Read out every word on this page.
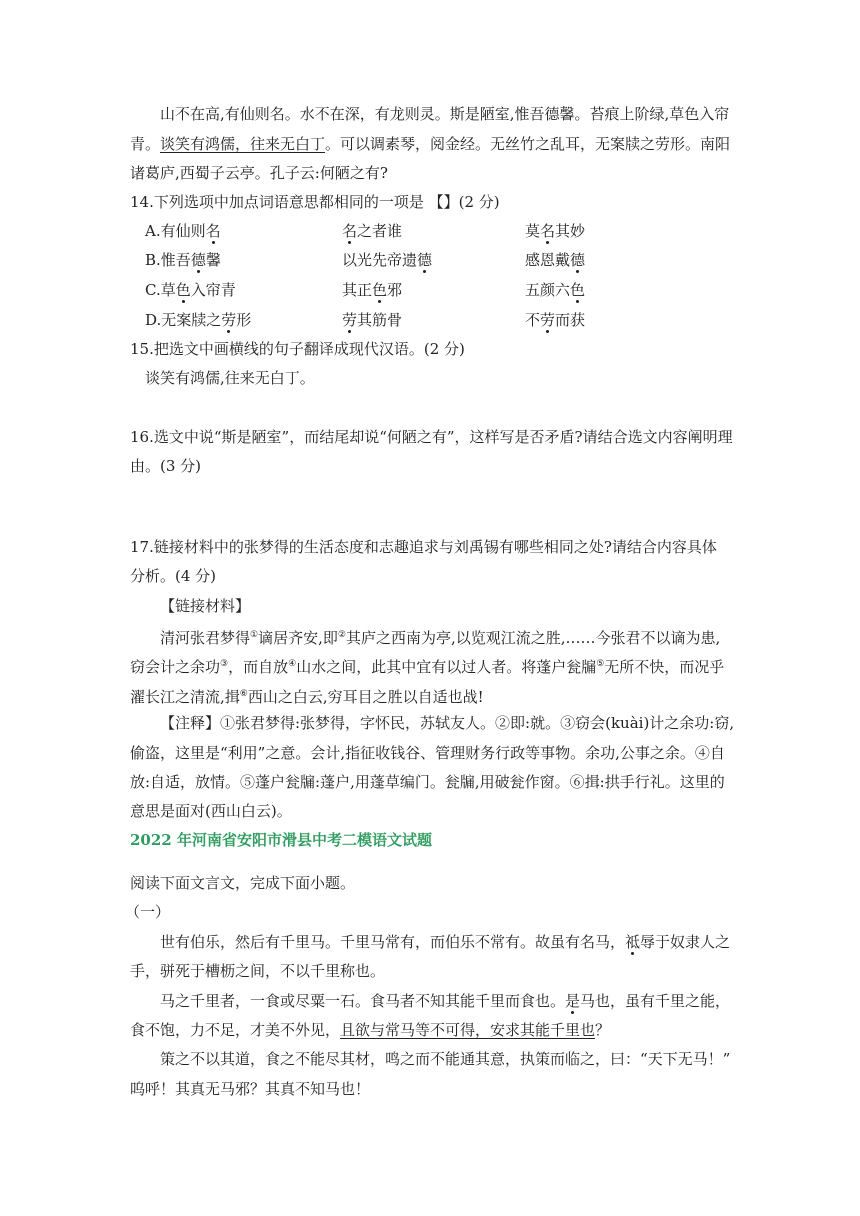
山不在高,有仙则名。水不在深，有龙则灵。斯是陋室,惟吾德馨。苔痕上阶绿,草色入帘
青。谈笑有鸿儒，往来无白丁。可以调素琴，阅金经。无丝竹之乱耳，无案牍之劳形。南阳
诸葛庐,西蜀子云亭。孔子云:何陋之有?
14.下列选项中加点词语意思都相同的一项是 【】(2 分)
A.有仙则名	名之者谁	莫名其妙
B.惟吾德馨	以光先帝遗德	感恩戴德
C.草色入帘青	其正色邪	五颜六色
D.无案牍之劳形	劳其筋骨	不劳而获
15.把选文中画横线的句子翻译成现代汉语。(2 分)
谈笑有鸿儒,往来无白丁。
16.选文中说“斯是陋室”，而结尾却说“何陋之有”，这样写是否矛盾?请结合选文内容阐明理
由。(3 分)
17.链接材料中的张梦得的生活态度和志趣追求与刘禹锡有哪些相同之处?请结合内容具体
分析。(4 分)
【链接材料】
清河张君梦得①谪居齐安,即②其庐之西南为亭,以览观江流之胜,……今张君不以谪为患,
窃会计之余功③，而自放④山水之间，此其中宜有以过人者。将蓬户瓮牖⑤无所不快，而况乎
濯长江之清流,揖⑥西山之白云,穷耳目之胜以自适也战!
【注释】①张君梦得:张梦得，字怀民，苏轼友人。②即:就。③窃会(kuài)计之余功:窃,
偷盗，这里是“利用”之意。会计,指征收钱谷、管理财务行政等事物。余功,公事之余。④自
放:自适，放情。⑤蓬户瓮牖:蓬户,用蓬草编门。瓮牖,用破瓮作窗。⑥揖:拱手行礼。这里的
意思是面对(西山白云)。
2022 年河南省安阳市滑县中考二模语文试题
阅读下面文言文，完成下面小题。
（一）
世有伯乐，然后有千里马。千里马常有，而伯乐不常有。故虽有名马，祗辱于奴隶人之
手，骈死于槽枥之间，不以千里称也。
马之千里者，一食或尽粟一石。食马者不知其能千里而食也。是马也，虽有千里之能，
食不饱，力不足，才美不外见，且欲与常马等不可得，安求其能千里也？
策之不以其道，食之不能尽其材，鸣之而不能通其意，执策而临之，曰：“天下无马！”
呜呼！其真无马邪？其真不知马也！
